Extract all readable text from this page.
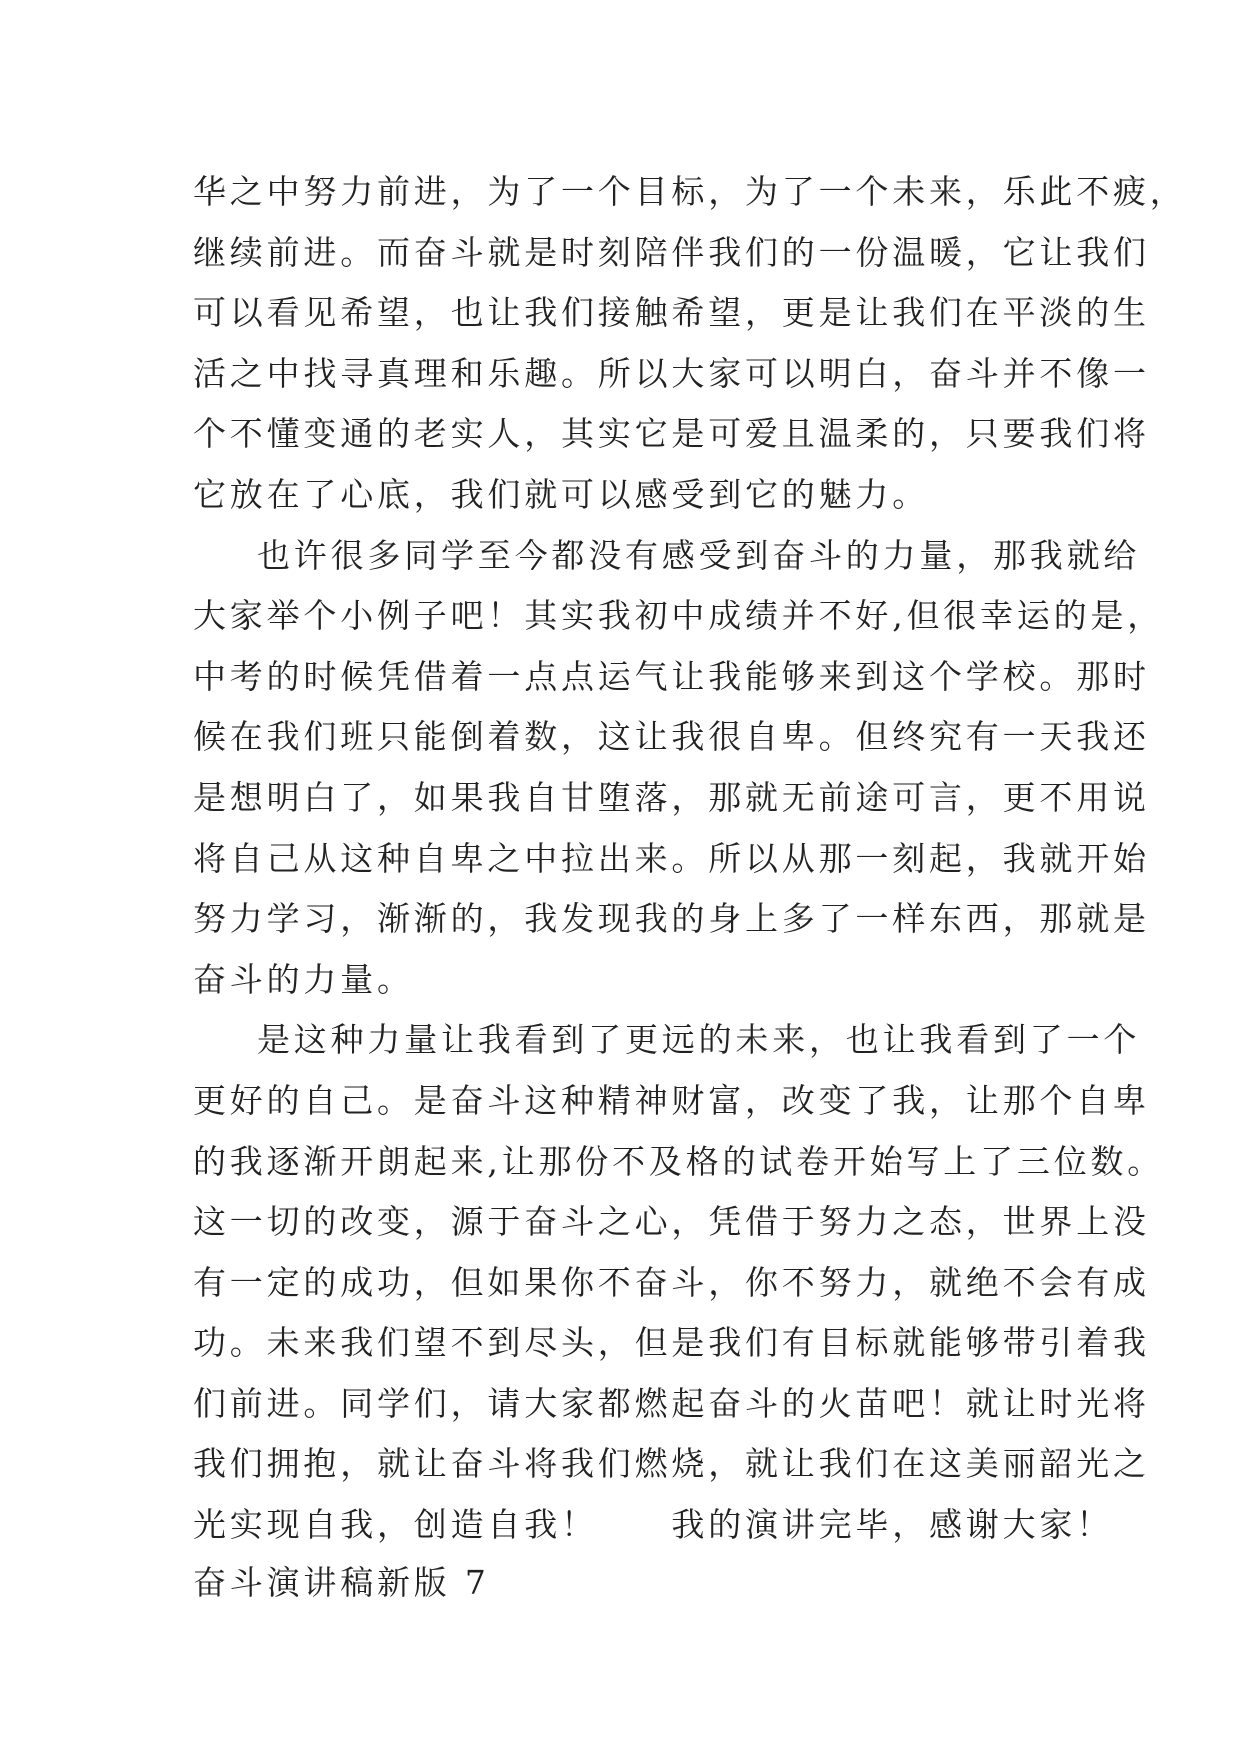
华之中努力前进，为了一个目标，为了一个未来，乐此不疲，
继续前进。而奋斗就是时刻陪伴我们的一份温暖，它让我们
可以看见希望，也让我们接触希望，更是让我们在平淡的生
活之中找寻真理和乐趣。所以大家可以明白，奋斗并不像一
个不懂变通的老实人，其实它是可爱且温柔的，只要我们将
它放在了心底，我们就可以感受到它的魅力。
也许很多同学至今都没有感受到奋斗的力量，那我就给
大家举个小例子吧！其实我初中成绩并不好,但很幸运的是，
中考的时候凭借着一点点运气让我能够来到这个学校。那时
候在我们班只能倒着数，这让我很自卑。但终究有一天我还
是想明白了，如果我自甘堕落，那就无前途可言，更不用说
将自己从这种自卑之中拉出来。所以从那一刻起，我就开始
努力学习，渐渐的，我发现我的身上多了一样东西，那就是
奋斗的力量。
是这种力量让我看到了更远的未来，也让我看到了一个
更好的自己。是奋斗这种精神财富，改变了我，让那个自卑
的我逐渐开朗起来,让那份不及格的试卷开始写上了三位数。
这一切的改变，源于奋斗之心，凭借于努力之态，世界上没
有一定的成功，但如果你不奋斗，你不努力，就绝不会有成
功。未来我们望不到尽头，但是我们有目标就能够带引着我
们前进。同学们，请大家都燃起奋斗的火苗吧！就让时光将
我们拥抱，就让奋斗将我们燃烧，就让我们在这美丽韶光之
光实现自我，创造自我！　　我的演讲完毕，感谢大家！
奋斗演讲稿新版 7
